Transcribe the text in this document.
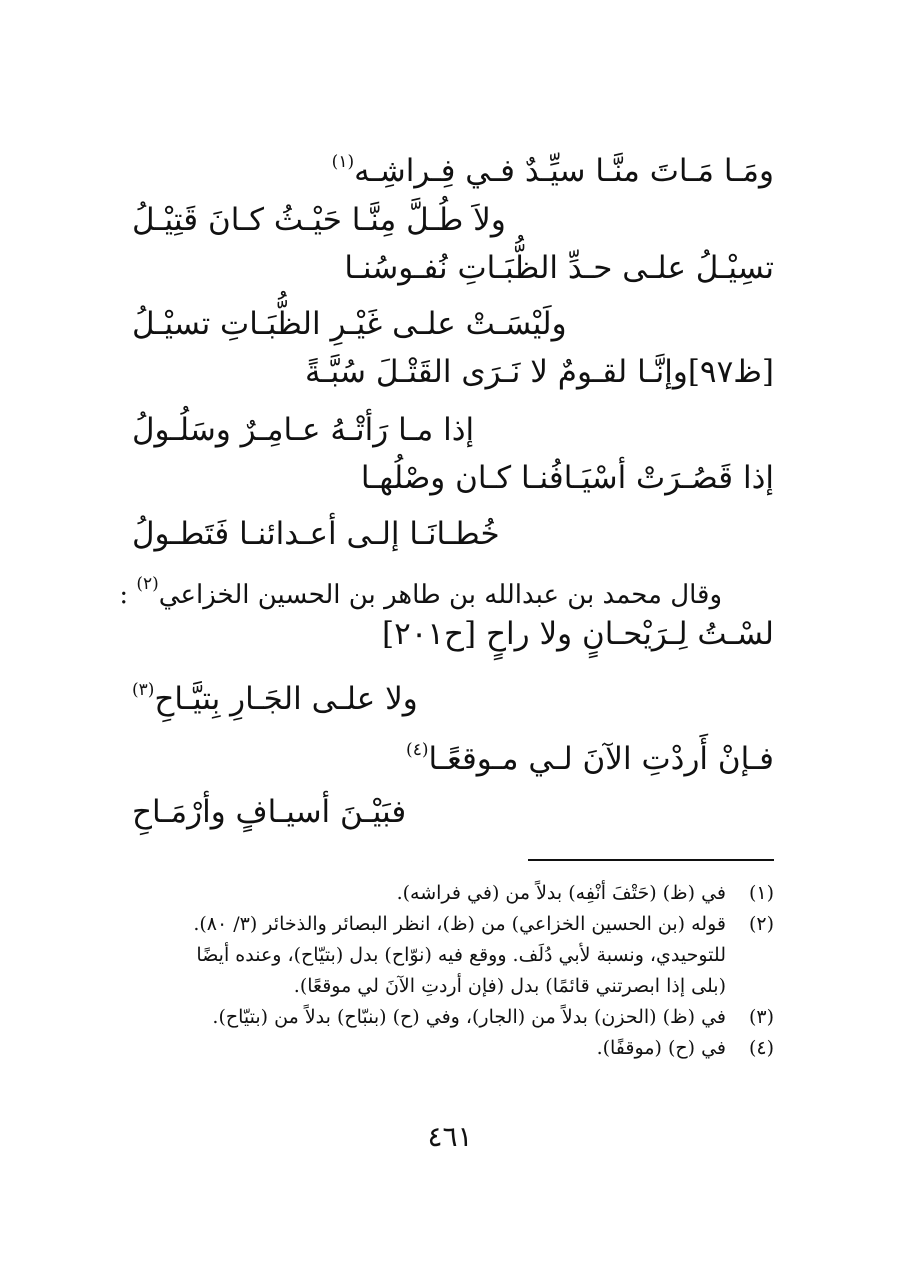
ومَـا مَـاتَ منَّـا سيِّـدٌ فـي فِـراشِـه$^{(١)}$
ولاَ طُـلَّ مِنَّـا حَيْـثُ كـانَ قَتِيْـلُ
تسِيْـلُ علـى حـدِّ الظُّبَـاتِ نُفـوسُنـا
ولَيْسَـتْ علـى غَيْـرِ الظُّبَـاتِ تسيْـلُ
[ظ٩٧]وإنَّـا لقـومٌ لا نَـرَى القَتْـلَ سُبَّـةً
إذا مـا رَأتْـهُ عـامِـرٌ وسَلُـولُ
إذا قَصُـرَتْ أسْيَـافُنـا كـان وصْلُهـا
خُطـانَـا إلـى أعـدائنـا فَتَطـولُ
وقال محمد بن عبدالله بن طاهر بن الحسين الخزاعي$^{(٢)}$ :
لسْـتُ لِـرَيْحـانٍ ولا راحٍ [ح٢٠١]
ولا علـى الجَـارِ بِتيَّـاحِ$^{(٣)}$
فـإنْ أَردْتِ الآنَ لـي مـوقعًـا$^{(٤)}$
فبَيْـنَ أسيـافٍ وأرْمَـاحِ
(١)
في (ظ) (حَتْفَ أنْفِه) بدلاً من (في فراشه).
(٢)
قوله (بن الحسين الخزاعي) من (ظ)، انظر البصائر والذخائر (٣/ ٨٠).
للتوحيدي، ونسبة لأبي دُلَف. ووقع فيه (نوّاح) بدل (بتيّاح)، وعنده أيضًا
(بلى إذا ابصرتني قائمًا) بدل (فإن أردتِ الآنَ لي موقعًا).
(٣)
في (ظ) (الحزن) بدلاً من (الجار)، وفي (ح) (بنبّاح) بدلاً من (بتيّاح).
(٤)
في (ح) (موقفًا).
٤٦١
